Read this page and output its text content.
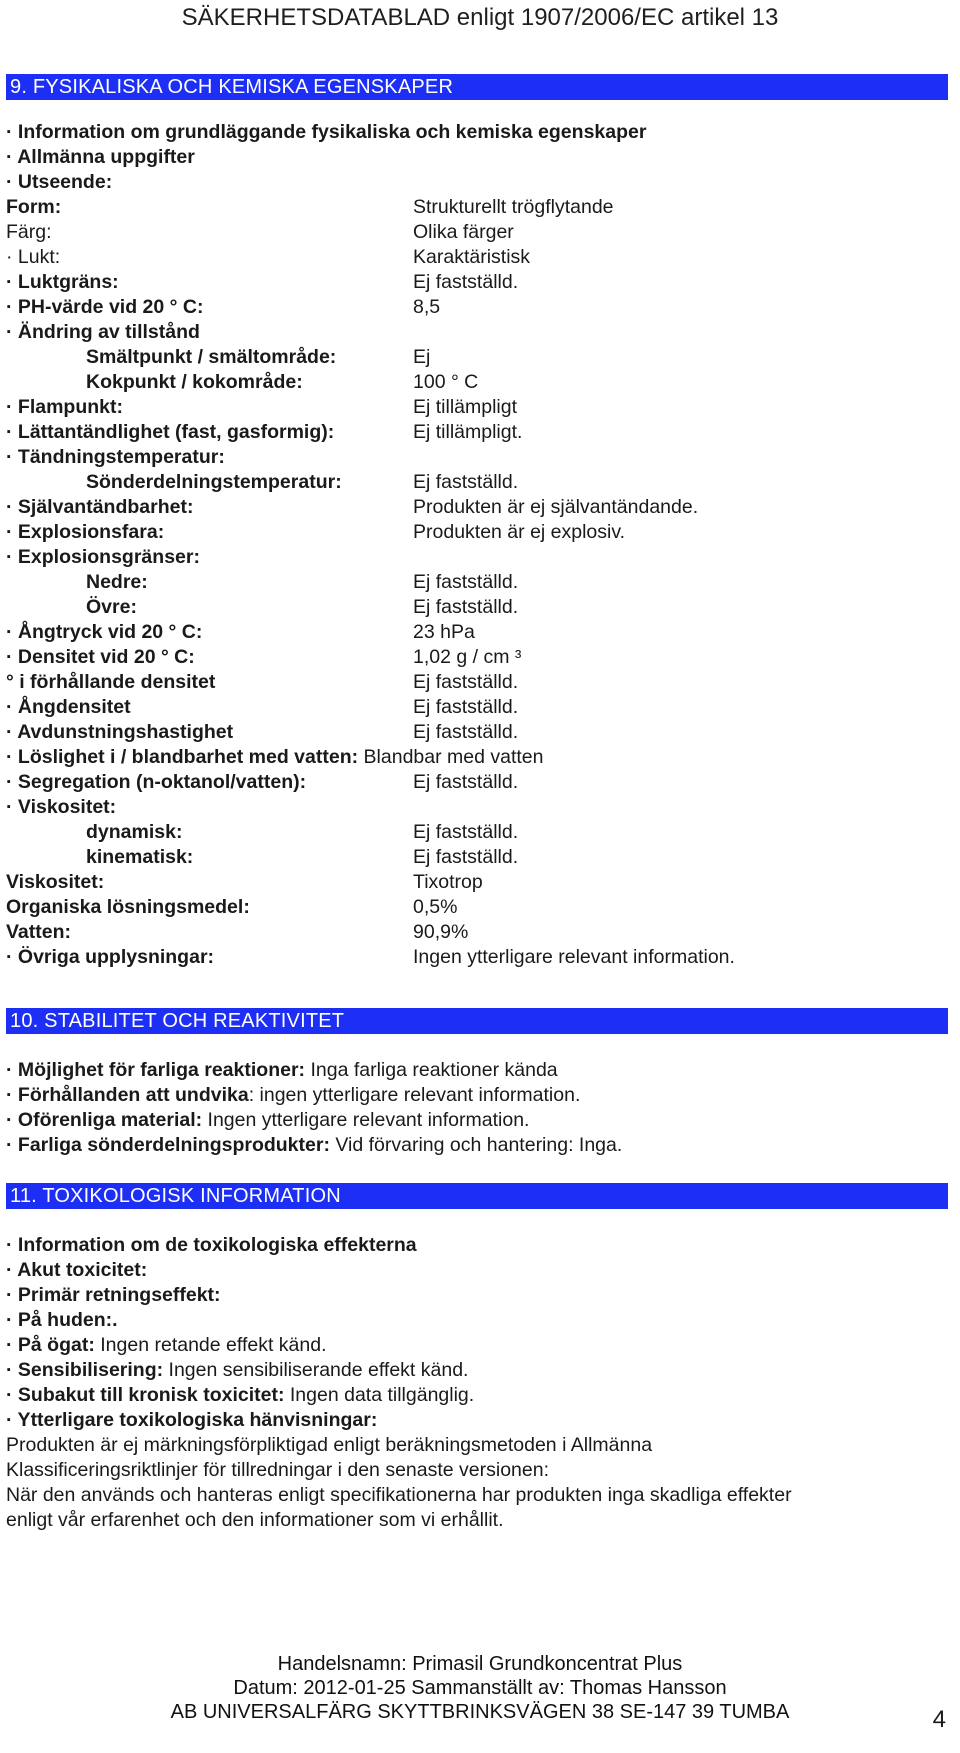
SÄKERHETSDATABLAD enligt 1907/2006/EC artikel 13
9. FYSIKALISKA OCH KEMISKA EGENSKAPER
· Information om grundläggande fysikaliska och kemiska egenskaper
· Allmänna uppgifter
· Utseende:
Form:	Strukturellt trögflytande
Färg:	Olika färger
· Lukt:	Karaktäristisk
· Luktgräns:	Ej fastställd.
· PH-värde vid 20 ° C:	8,5
· Ändring av tillstånd
Smältpunkt / smältområde:	Ej
Kokpunkt / kokområde:	100 ° C
· Flampunkt:	Ej tillämpligt
· Lättantändlighet (fast, gasformig):	Ej tillämpligt.
· Tändningstemperatur:
Sönderdelningstemperatur:	Ej fastställd.
· Självantändbarhet:	Produkten är ej självantändande.
· Explosionsfara:	Produkten är ej explosiv.
· Explosionsgränser:
Nedre:	Ej fastställd.
Övre:	Ej fastställd.
· Ångtryck vid 20 ° C:	23 hPa
· Densitet vid 20 ° C:	1,02 g / cm ³
° i förhållande densitet	Ej fastställd.
· Ångdensitet	Ej fastställd.
· Avdunstningshastighet	Ej fastställd.
· Löslighet i / blandbarhet med vatten: Blandbar med vatten
· Segregation (n-oktanol/vatten):	Ej fastställd.
· Viskositet:
dynamisk:	Ej fastställd.
kinematisk:	Ej fastställd.
Viskositet:	Tixotrop
Organiska lösningsmedel:	0,5%
Vatten:	90,9%
· Övriga upplysningar:	Ingen ytterligare relevant information.
10. STABILITET OCH REAKTIVITET
· Möjlighet för farliga reaktioner: Inga farliga reaktioner kända
· Förhållanden att undvika: ingen ytterligare relevant information.
· Oförenliga material: Ingen ytterligare relevant information.
· Farliga sönderdelningsprodukter: Vid förvaring och hantering: Inga.
11. TOXIKOLOGISK INFORMATION
· Information om de toxikologiska effekterna
· Akut toxicitet:
· Primär retningseffekt:
· På huden:.
· På ögat: Ingen retande effekt känd.
· Sensibilisering: Ingen sensibiliserande effekt känd.
· Subakut till kronisk toxicitet: Ingen data tillgänglig.
· Ytterligare toxikologiska hänvisningar:
Produkten är ej märkningsförpliktigad enligt beräkningsmetoden i Allmänna
Klassificeringsriktlinjer för tillredningar i den senaste versionen:
När den används och hanteras enligt specifikationerna har produkten inga skadliga effekter
enligt vår erfarenhet och den informationer som vi erhållit.
Handelsnamn: Primasil Grundkoncentrat Plus
Datum: 2012-01-25 Sammanställt av: Thomas Hansson
AB UNIVERSALFÄRG SKYTTBRINKSVÄGEN 38 SE-147 39 TUMBA	4
